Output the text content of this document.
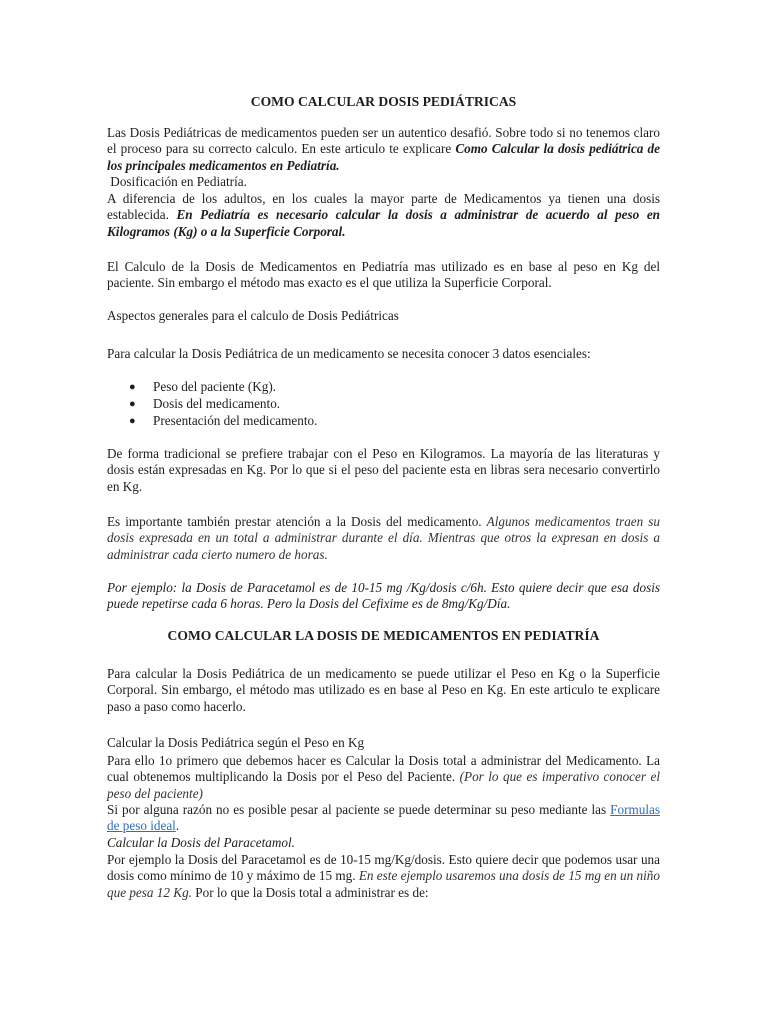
COMO CALCULAR DOSIS PEDIÁTRICAS
Las Dosis Pediátricas de medicamentos pueden ser un autentico desafió. Sobre todo si no tenemos claro el proceso para su correcto calculo. En este articulo te explicare Como Calcular la dosis pediátrica de los principales medicamentos en Pediatría.
Dosificación en Pediatría.
A diferencia de los adultos, en los cuales la mayor parte de Medicamentos ya tienen una dosis establecida. En Pediatría es necesario calcular la dosis a administrar de acuerdo al peso en Kilogramos (Kg) o a la Superficie Corporal.
El Calculo de la Dosis de Medicamentos en Pediatría mas utilizado es en base al peso en Kg del paciente. Sin embargo el método mas exacto es el que utiliza la Superficie Corporal.
Aspectos generales para el calculo de Dosis Pediátricas
Para calcular la Dosis Pediátrica de un medicamento se necesita conocer 3 datos esenciales:
● Peso del paciente (Kg).
● Dosis del medicamento.
● Presentación del medicamento.
De forma tradicional se prefiere trabajar con el Peso en Kilogramos. La mayoría de las literaturas y dosis están expresadas en Kg. Por lo que si el peso del paciente esta en libras sera necesario convertirlo en Kg.
Es importante también prestar atención a la Dosis del medicamento. Algunos medicamentos traen su dosis expresada en un total a administrar durante el día. Mientras que otros la expresan en dosis a administrar cada cierto numero de horas.
Por ejemplo: la Dosis de Paracetamol es de 10-15 mg /Kg/dosis c/6h. Esto quiere decir que esa dosis puede repetirse cada 6 horas. Pero la Dosis del Cefixime es de 8mg/Kg/Día.
COMO CALCULAR LA DOSIS DE MEDICAMENTOS EN PEDIATRÍA
Para calcular la Dosis Pediátrica de un medicamento se puede utilizar el Peso en Kg o la Superficie Corporal. Sin embargo, el método mas utilizado es en base al Peso en Kg. En este articulo te explicare paso a paso como hacerlo.
Calcular la Dosis Pediátrica según el Peso en Kg
Para ello 1o primero que debemos hacer es Calcular la Dosis total a administrar del Medicamento. La cual obtenemos multiplicando la Dosis por el Peso del Paciente. (Por lo que es imperativo conocer el peso del paciente)
Si por alguna razón no es posible pesar al paciente se puede determinar su peso mediante las Formulas de peso ideal.
Calcular la Dosis del Paracetamol.
Por ejemplo la Dosis del Paracetamol es de 10-15 mg/Kg/dosis. Esto quiere decir que podemos usar una dosis como mínimo de 10 y máximo de 15 mg. En este ejemplo usaremos una dosis de 15 mg en un niño que pesa 12 Kg. Por lo que la Dosis total a administrar es de:
